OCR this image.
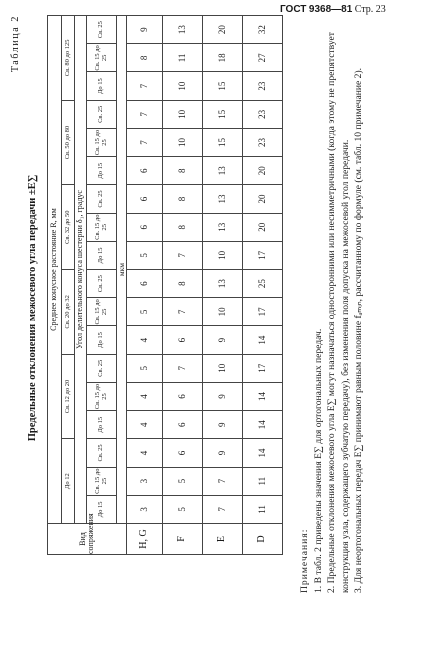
ГОСТ 9368—81 Стр. 23
Таблица 2
Предельные отклонения межосевого угла передачи ±E∑
Вид сопряжения	Среднее конусное расстояние R, мм																	
	До 12			Св. 12 до 20			Св. 20 до 32			Св. 32 до 50			Св. 50 до 80			Св. 80 до 125		
	Угол делительного конуса шестерни δ₁, градус																	
	До 15	Св. 15 до 25	Св. 25	До 15	Св. 15 до 25	Св. 25	До 15	Св. 15 до 25	Св. 25	До 15	Св. 15 до 25	Св. 25	До 15	Св. 15 до 25	Св. 25	До 15	Св. 15 до 25	Св. 25
	мкм																	
H, G	3	3	4	4	4	5	4	5	6	5	6	6	6	7	7	7	8	9
F	5	5	6	6	6	7	6	7	8	7	8	8	8	10	10	10	11	13
E	7	7	9	9	9	10	9	10	13	10	13	13	13	15	15	15	18	20
D	11	11	14	14	14	17	14	17	25	17	20	20	20	23	23	23	27	32

Примечания: 1. В табл. 2 приведены значения E∑ для ортогональных передач. 2. Предельные отклонения межосевого угла E∑ могут назначаться односторонними или несимметричными (когда этому не препятствует конструкция узла, содержащего зубчатую передачу), без изменения поля допуска на межосевой угол передачи. 3. Для неортогональных передач E∑ принимают равным половине fₐₘᵢₙ, рассчитанному по формуле (см. табл. 10 примечание 2).
